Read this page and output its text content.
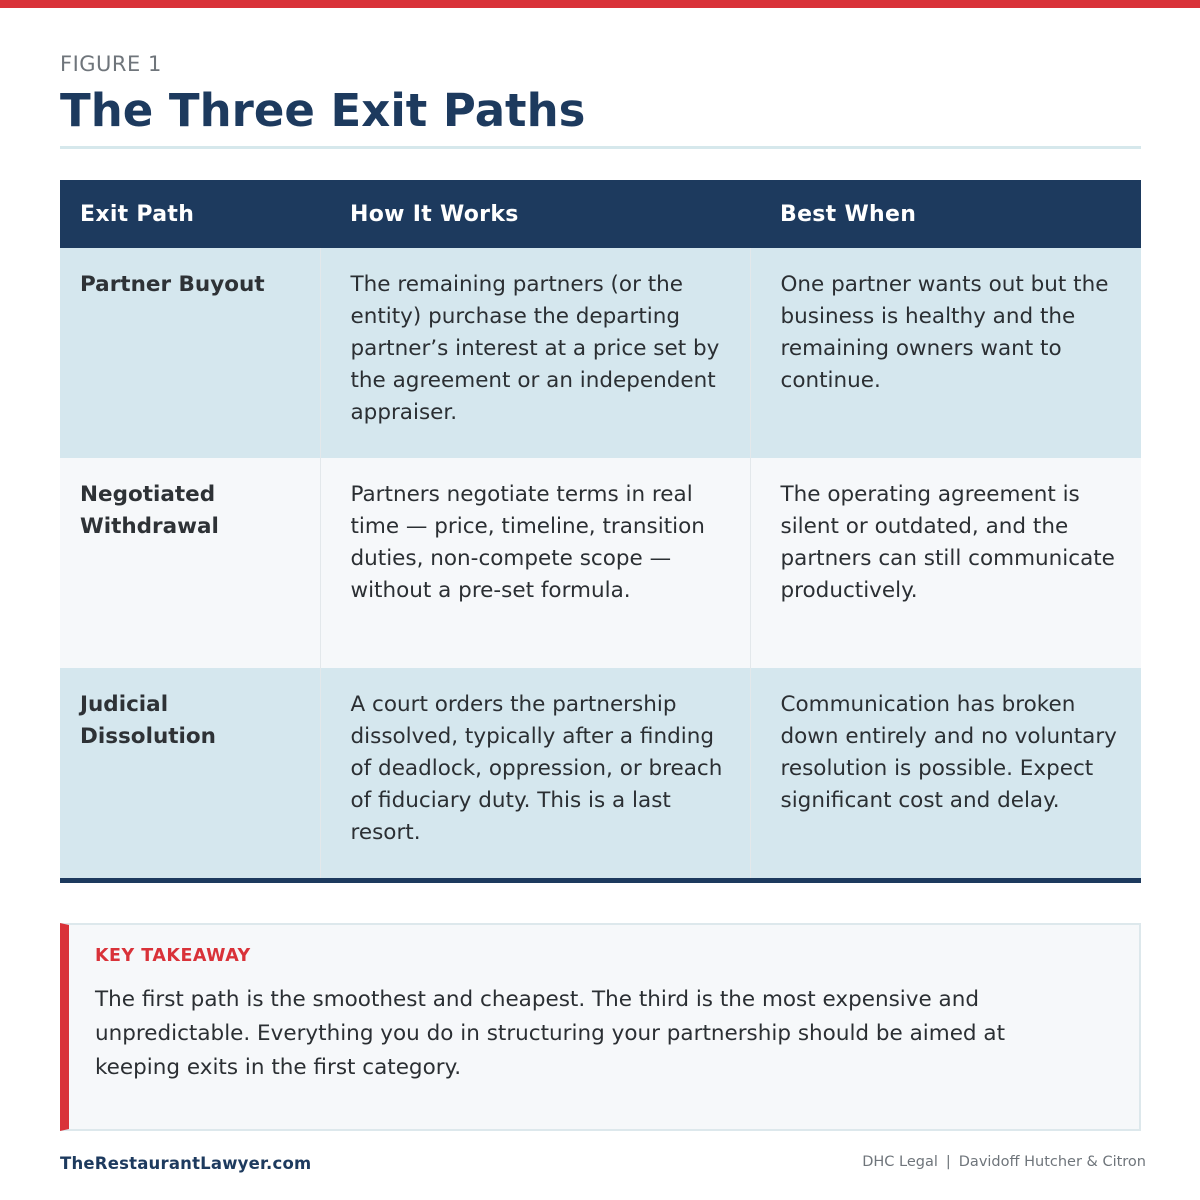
FIGURE 1

The Three Exit Paths
Exit Path	How It Works	Best When
Partner Buyout	The remaining partners (or the entity) purchase the departing partner’s interest at a price set by the agreement or an independent appraiser.	One partner wants out but the business is healthy and the remaining owners want to continue.
Negotiated Withdrawal	Partners negotiate terms in real time — price, timeline, transition duties, non-compete scope — without a pre-set formula.	The operating agreement is silent or outdated, and the partners can still communicate productively.
Judicial Dissolution	A court orders the partnership dissolved, typically after a finding of deadlock, oppression, or breach of fiduciary duty. This is a last resort.	Communication has broken down entirely and no voluntary resolution is possible. Expect significant cost and delay.

KEY TAKEAWAY

The first path is the smoothest and cheapest. The third is the most expensive and unpredictable. Everything you do in structuring your partnership should be aimed at keeping exits in the first category.

TheRestaurantLawyer.com	DHC Legal | Davidoff Hutcher & Citron
